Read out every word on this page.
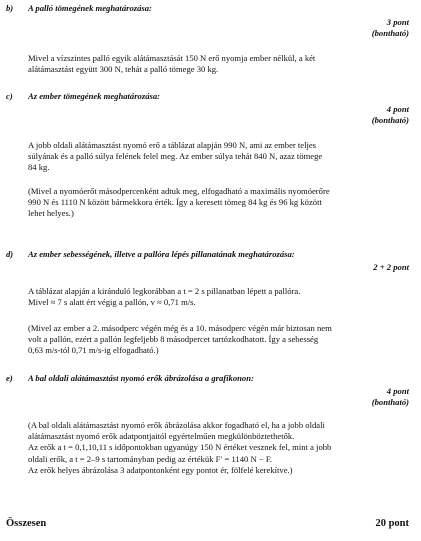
b) A palló tömegének meghatározása:
3 pont
(bontható)
Mivel a vízszintes palló egyik alátámasztását 150 N erő nyomja ember nélkül, a két
alátámasztást együtt 300 N, tehát a palló tömege 30 kg.
c) Az ember tömegének meghatározása:
4 pont
(bontható)
A jobb oldali alátámasztást nyomó erő a táblázat alapján 990 N, ami az ember teljes
súlyának és a palló súlya felének felel meg. Az ember súlya tehát 840 N, azaz tömege
84 kg.
(Mivel a nyomóerőt másodpercenként adtuk meg, elfogadható a maximális nyomóerőre
990 N és 1110 N között bármekkora érték. Így a keresett tömeg 84 kg és 96 kg között
lehet helyes.)
d) Az ember sebességének, illetve a pallóra lépés pillanatának meghatározása:
2 + 2 pont
A táblázat alapján a kiránduló legkorábban a t = 2 s pillanatban lépett a pallóra.
Mivel ≈ 7 s alatt ért végig a pallón, v ≈ 0,71 m/s.
(Mivel az ember a 2. másodperc végén még és a 10. másodperc végén már biztosan nem
volt a pallón, ezért a pallón legfeljebb 8 másodpercet tartózkodhatott. Így a sebesség
0,63 m/s-tól 0,71 m/s-ig elfogadható.)
e) A bal oldali alátámasztást nyomó erők ábrázolása a grafikonon:
4 pont
(bontható)
(A bal oldali alátámasztást nyomó erők ábrázolása akkor fogadható el, ha a jobb oldali
alátámasztást nyomó erők adatpontjaitól egyértelműen megkülönböztethetők.
Az erők a t = 0,1,10,11 s időpontokban ugyanúgy 150 N értéket vesznek fel, mint a jobb
oldali erők, a t = 2–9 s tartományban pedig az értékük F′ = 1140 N − F.
Az erők helyes ábrázolása 3 adatpontonként egy pontot ér, fölfelé kerekítve.)
Összesen	20 pont
